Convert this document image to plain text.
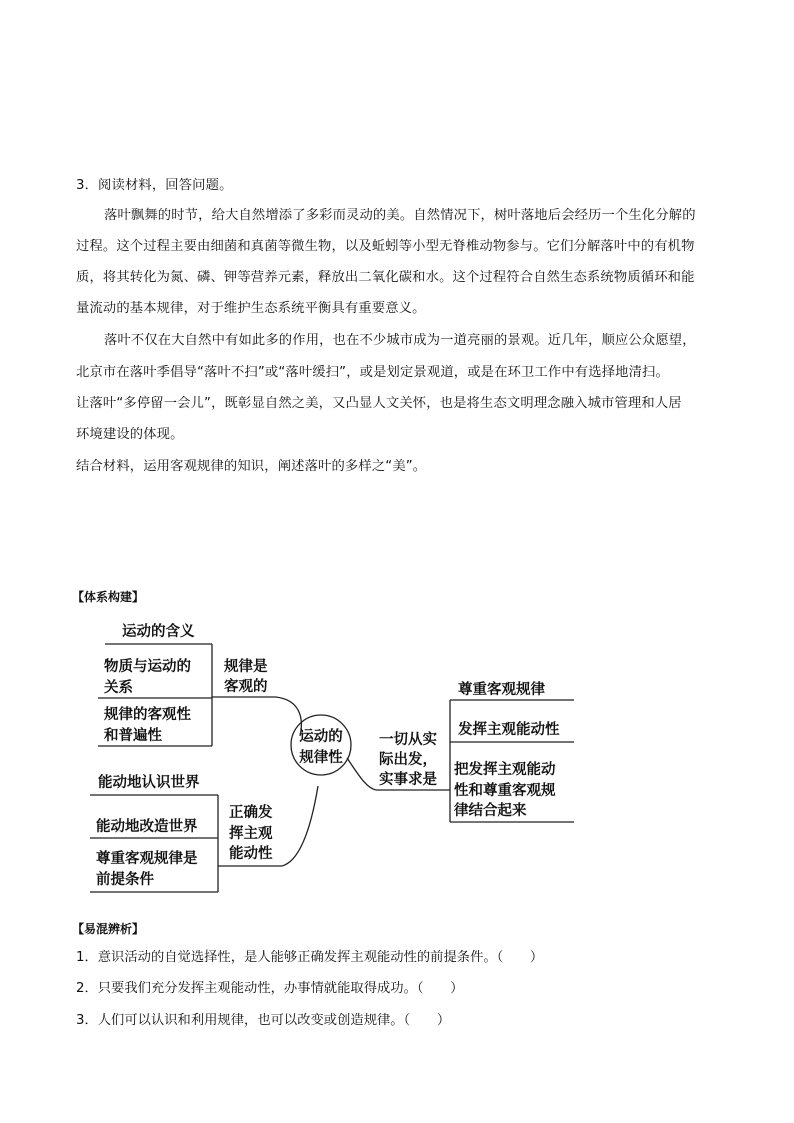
3．阅读材料，回答问题。
落叶飘舞的时节，给大自然增添了多彩而灵动的美。自然情况下，树叶落地后会经历一个生化分解的
过程。这个过程主要由细菌和真菌等微生物，以及蚯蚓等小型无脊椎动物参与。它们分解落叶中的有机物
质，将其转化为氮、磷、钾等营养元素，释放出二氧化碳和水。这个过程符合自然生态系统物质循环和能
量流动的基本规律，对于维护生态系统平衡具有重要意义。
落叶不仅在大自然中有如此多的作用，也在不少城市成为一道亮丽的景观。近几年，顺应公众愿望，
北京市在落叶季倡导“落叶不扫”或“落叶缓扫”，或是划定景观道，或是在环卫工作中有选择地清扫。
让落叶“多停留一会儿”，既彰显自然之美，又凸显人文关怀，也是将生态文明理念融入城市管理和人居
环境建设的体现。
结合材料，运用客观规律的知识，阐述落叶的多样之“美”。
【体系构建】
运动的
规律性
规律是
客观的
运动的含义
物质与运动的
关系
规律的客观性
和普遍性
正确发
挥主观
能动性
能动地认识世界
能动地改造世界
尊重客观规律是
前提条件
一切从实
际出发，
实事求是
尊重客观规律
发挥主观能动性
把发挥主观能动
性和尊重客观规
律结合起来
【易混辨析】
1．意识活动的自觉选择性，是人能够正确发挥主观能动性的前提条件。（　　）
2．只要我们充分发挥主观能动性，办事情就能取得成功。（　　）
3．人们可以认识和利用规律，也可以改变或创造规律。（　　）
